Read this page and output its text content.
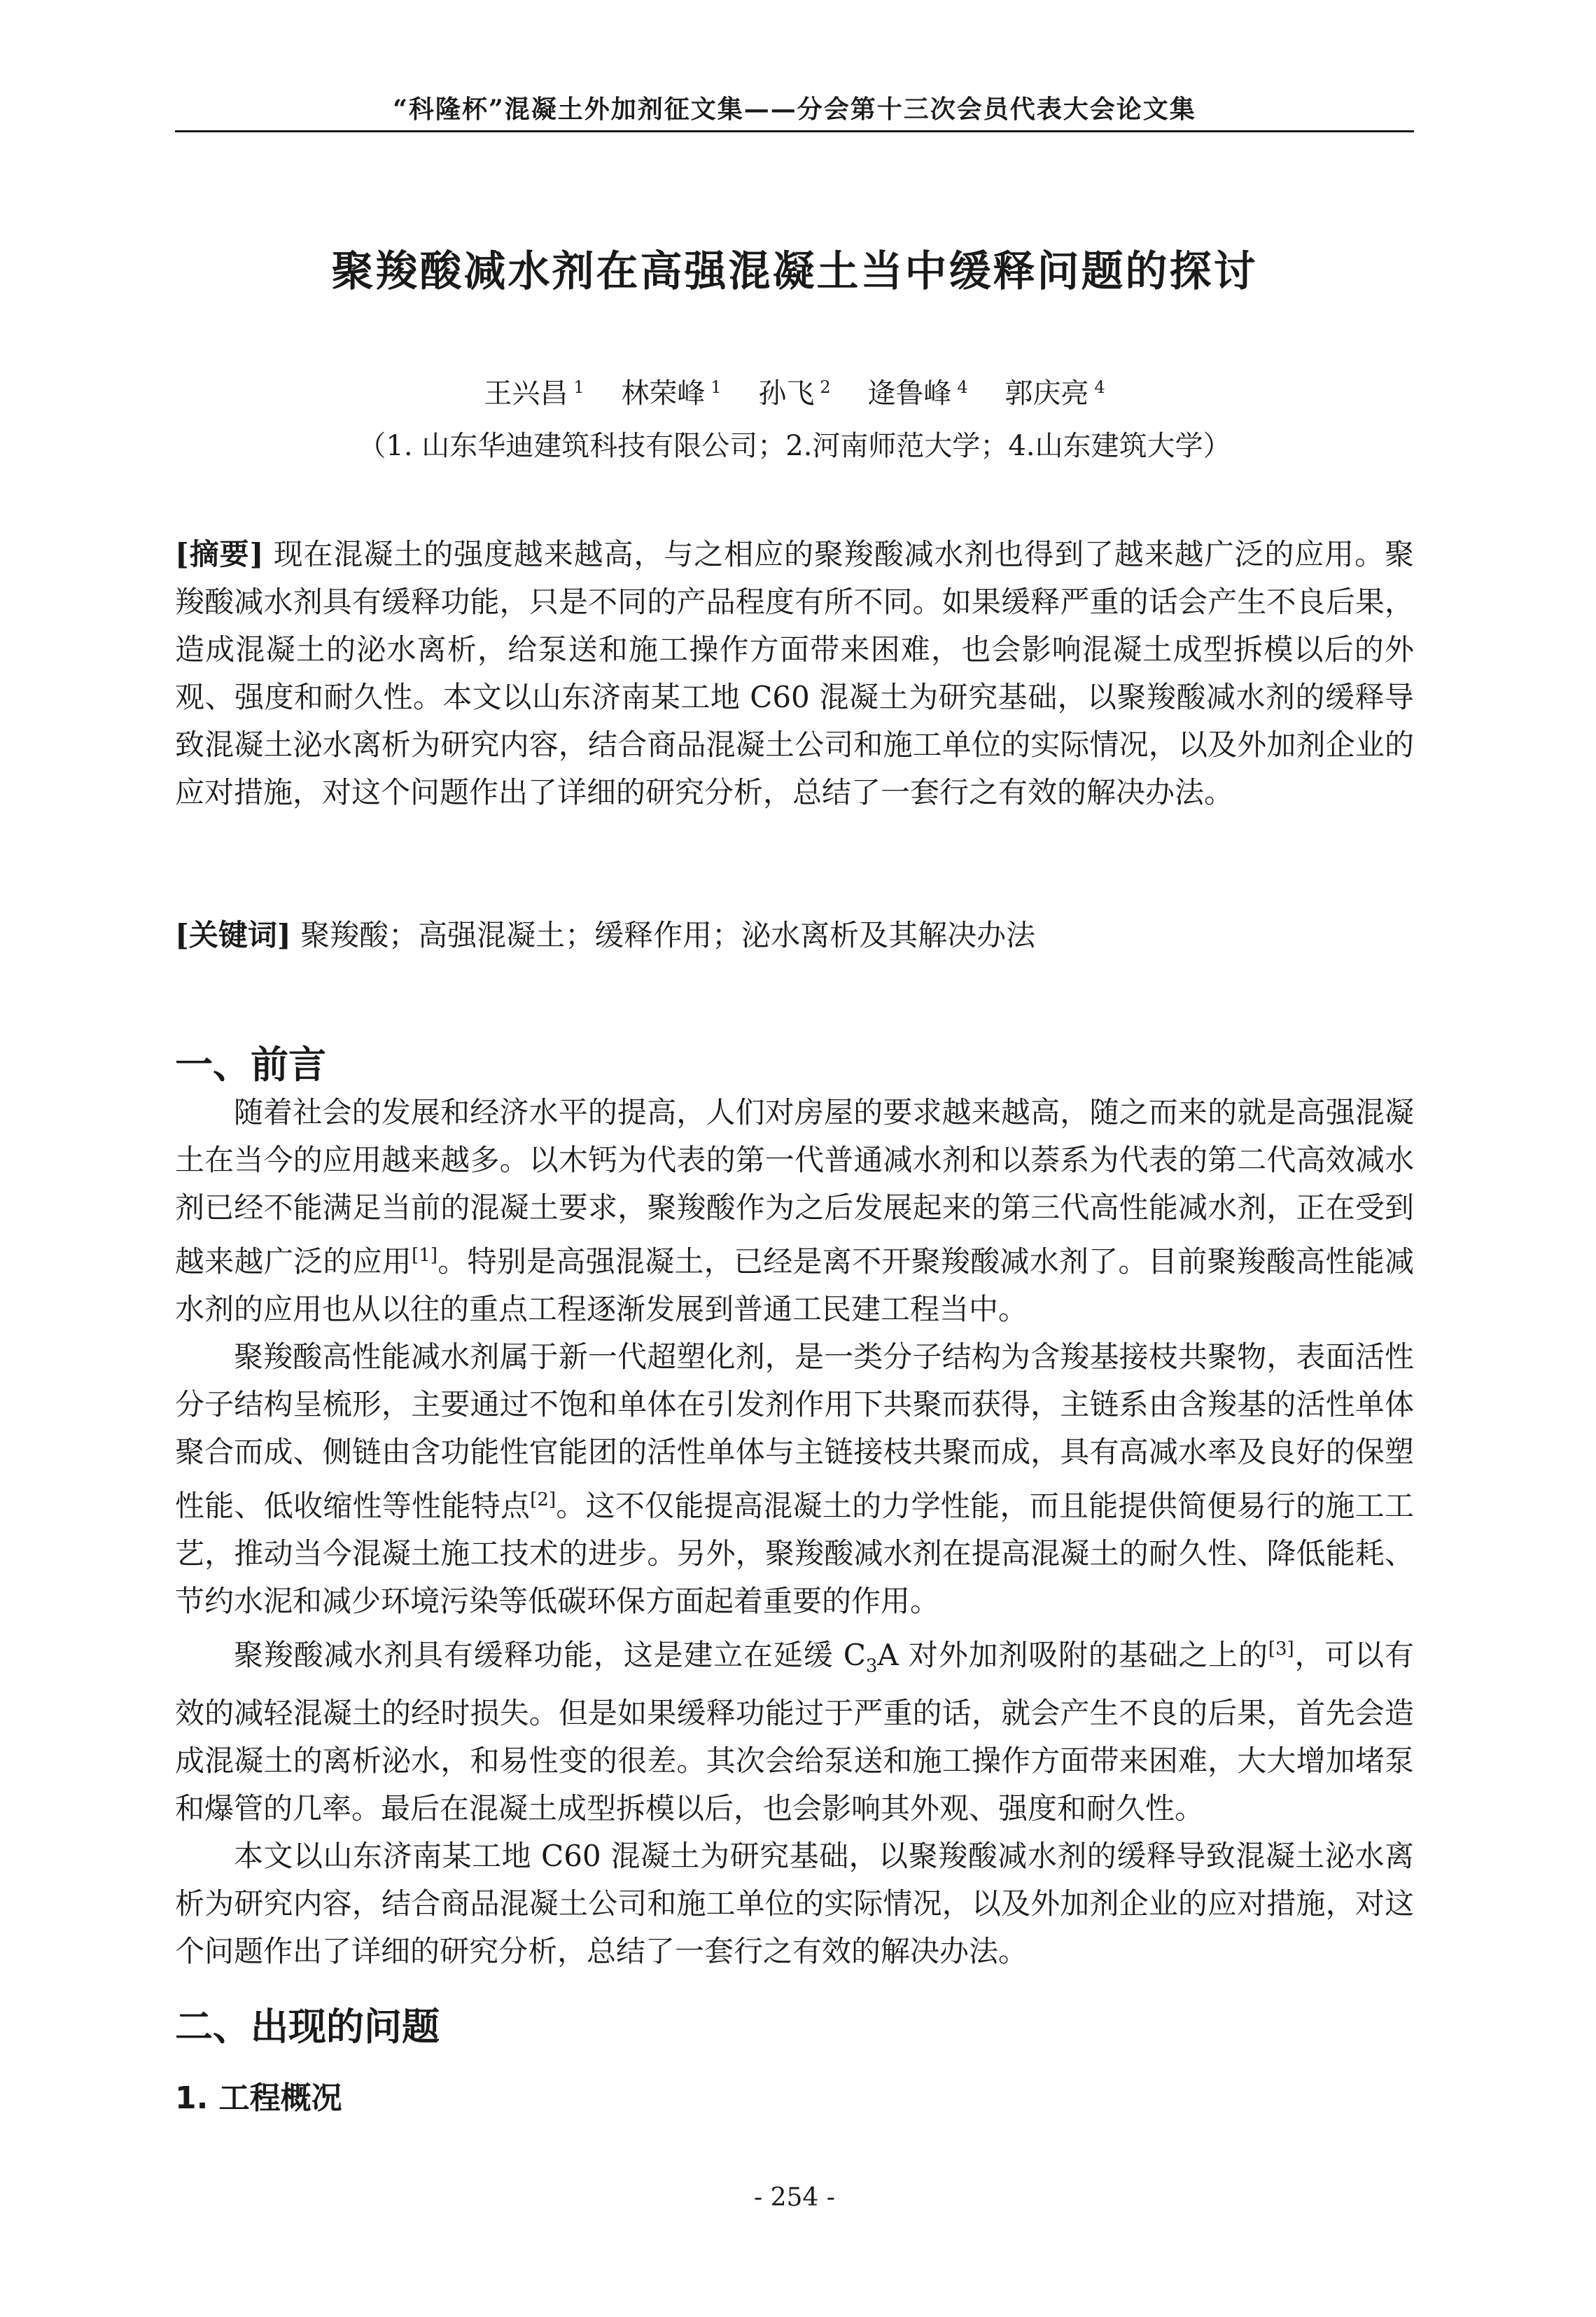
“科隆杯”混凝土外加剂征文集——分会第十三次会员代表大会论文集
聚羧酸减水剂在高强混凝土当中缓释问题的探讨
王兴昌 $^1$ 林荣峰 $^1$ 孙飞 $^2$ 逄鲁峰 $^4$ 郭庆亮 $^4$
（1. 山东华迪建筑科技有限公司；2.河南师范大学；4.山东建筑大学）
[摘要] 现在混凝土的强度越来越高，与之相应的聚羧酸减水剂也得到了越来越广泛的应用。聚羧酸减水剂具有缓释功能，只是不同的产品程度有所不同。如果缓释严重的话会产生不良后果，造成混凝土的泌水离析，给泵送和施工操作方面带来困难，也会影响混凝土成型拆模以后的外观、强度和耐久性。本文以山东济南某工地 C60 混凝土为研究基础，以聚羧酸减水剂的缓释导致混凝土泌水离析为研究内容，结合商品混凝土公司和施工单位的实际情况，以及外加剂企业的应对措施，对这个问题作出了详细的研究分析，总结了一套行之有效的解决办法。
[关键词] 聚羧酸；高强混凝土；缓释作用；泌水离析及其解决办法
一、前言

随着社会的发展和经济水平的提高，人们对房屋的要求越来越高，随之而来的就是高强混凝土在当今的应用越来越多。以木钙为代表的第一代普通减水剂和以萘系为代表的第二代高效减水剂已经不能满足当前的混凝土要求，聚羧酸作为之后发展起来的第三代高性能减水剂，正在受到越来越广泛的应用[1]。特别是高强混凝土，已经是离不开聚羧酸减水剂了。目前聚羧酸高性能减水剂的应用也从以往的重点工程逐渐发展到普通工民建工程当中。

聚羧酸高性能减水剂属于新一代超塑化剂，是一类分子结构为含羧基接枝共聚物，表面活性分子结构呈梳形，主要通过不饱和单体在引发剂作用下共聚而获得，主链系由含羧基的活性单体聚合而成、侧链由含功能性官能团的活性单体与主链接枝共聚而成，具有高减水率及良好的保塑性能、低收缩性等性能特点[2]。这不仅能提高混凝土的力学性能，而且能提供简便易行的施工工艺，推动当今混凝土施工技术的进步。另外，聚羧酸减水剂在提高混凝土的耐久性、降低能耗、节约水泥和减少环境污染等低碳环保方面起着重要的作用。

聚羧酸减水剂具有缓释功能，这是建立在延缓 $C_3A$ 对外加剂吸附的基础之上的[3]，可以有效的减轻混凝土的经时损失。但是如果缓释功能过于严重的话，就会产生不良的后果，首先会造成混凝土的离析泌水，和易性变的很差。其次会给泵送和施工操作方面带来困难，大大增加堵泵和爆管的几率。最后在混凝土成型拆模以后，也会影响其外观、强度和耐久性。

本文以山东济南某工地 C60 混凝土为研究基础，以聚羧酸减水剂的缓释导致混凝土泌水离析为研究内容，结合商品混凝土公司和施工单位的实际情况，以及外加剂企业的应对措施，对这个问题作出了详细的研究分析，总结了一套行之有效的解决办法。

二、出现的问题
1. 工程概况
- 254 -
